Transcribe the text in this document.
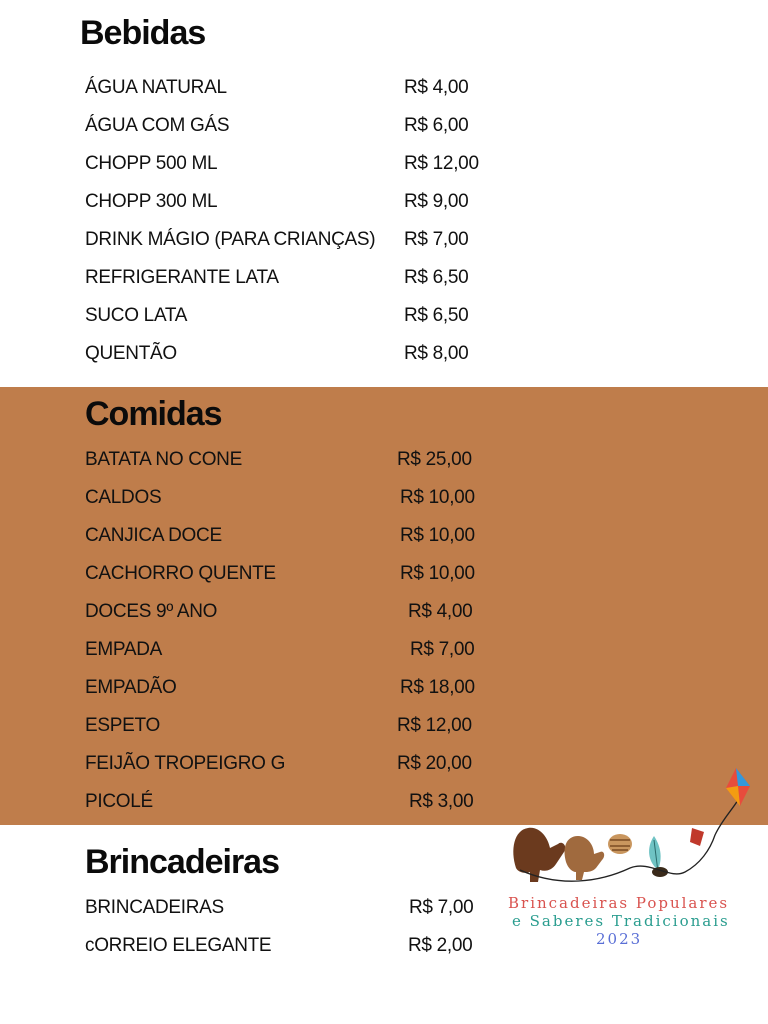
Bebidas
ÁGUA NATURAL	R$ 4,00
ÁGUA COM GÁS	R$ 6,00
CHOPP 500 ML	R$ 12,00
CHOPP 300 ML	R$ 9,00
DRINK MÁGIO (PARA CRIANÇAS) R$ 7,00
REFRIGERANTE LATA	R$ 6,50
SUCO LATA	R$ 6,50
QUENTÃO	R$ 8,00
Comidas
BATATA NO CONE	R$ 25,00
CALDOS	R$ 10,00
CANJICA DOCE	R$ 10,00
CACHORRO QUENTE	R$ 10,00
DOCES 9º ANO	R$ 4,00
EMPADA	R$ 7,00
EMPADÃO	R$ 18,00
ESPETO	R$ 12,00
FEIJÃO TROPEIGRO G	R$ 20,00
PICOLÉ	R$ 3,00
Brincadeiras
BRINCADEIRAS	R$ 7,00
cORREIO ELEGANTE	R$ 2,00
Brincadeiras Populares
e Saberes Tradicionais
2023
